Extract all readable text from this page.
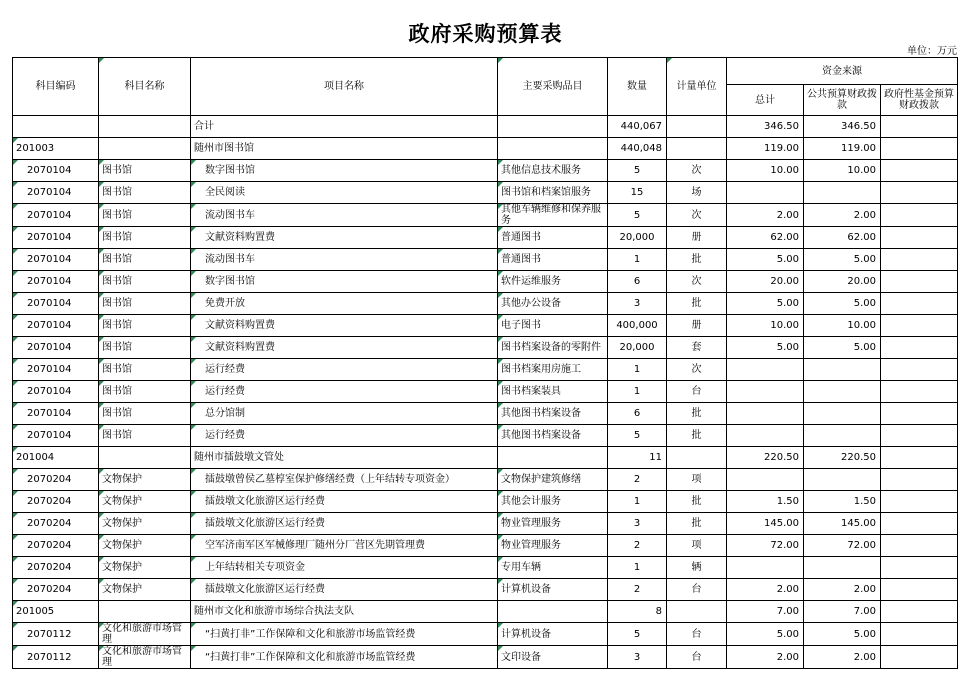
政府采购预算表
单位：万元
科目编码	科目名称	项目名称	主要采购品目	数量	计量单位	资金来源		
						总计	公共预算财政拨款	政府性基金预算财政拨款
		合计		440,067		346.50	346.50	
201003		随州市图书馆		440,048		119.00	119.00	
2070104	图书馆	数字图书馆	其他信息技术服务	5	次	10.00	10.00	
2070104	图书馆	全民阅读	图书馆和档案馆服务	15	场			
2070104	图书馆	流动图书车	其他车辆维修和保养服务	5	次	2.00	2.00	
2070104	图书馆	文献资料购置费	普通图书	20,000	册	62.00	62.00	
2070104	图书馆	流动图书车	普通图书	1	批	5.00	5.00	
2070104	图书馆	数字图书馆	软件运维服务	6	次	20.00	20.00	
2070104	图书馆	免费开放	其他办公设备	3	批	5.00	5.00	
2070104	图书馆	文献资料购置费	电子图书	400,000	册	10.00	10.00	
2070104	图书馆	文献资料购置费	图书档案设备的零附件	20,000	套	5.00	5.00	
2070104	图书馆	运行经费	图书档案用房施工	1	次			
2070104	图书馆	运行经费	图书档案装具	1	台			
2070104	图书馆	总分馆制	其他图书档案设备	6	批			
2070104	图书馆	运行经费	其他图书档案设备	5	批			
201004		随州市擂鼓墩文管处		11		220.50	220.50	
2070204	文物保护	擂鼓墩曾侯乙墓椁室保护修缮经费（上年结转专项资金）	文物保护建筑修缮	2	项			
2070204	文物保护	擂鼓墩文化旅游区运行经费	其他会计服务	1	批	1.50	1.50	
2070204	文物保护	擂鼓墩文化旅游区运行经费	物业管理服务	3	批	145.00	145.00	
2070204	文物保护	空军济南军区军械修理厂随州分厂营区先期管理费	物业管理服务	2	项	72.00	72.00	
2070204	文物保护	上年结转相关专项资金	专用车辆	1	辆			
2070204	文物保护	擂鼓墩文化旅游区运行经费	计算机设备	2	台	2.00	2.00	
201005		随州市文化和旅游市场综合执法支队		8		7.00	7.00	
2070112	文化和旅游市场管理	“扫黄打非”工作保障和文化和旅游市场监管经费	计算机设备	5	台	5.00	5.00	
2070112	文化和旅游市场管理	“扫黄打非”工作保障和文化和旅游市场监管经费	文印设备	3	台	2.00	2.00	
